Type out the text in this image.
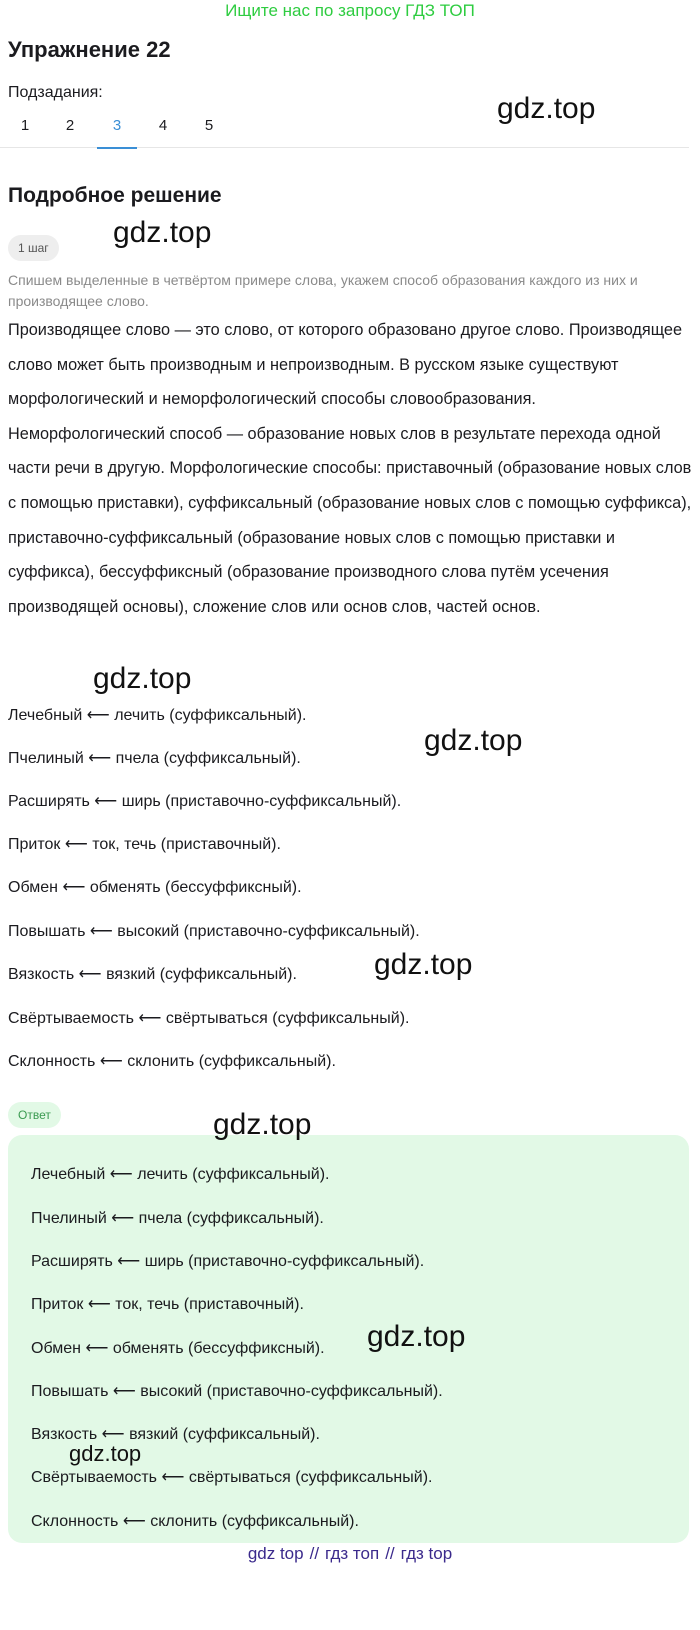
Ищите нас по запросу ГДЗ ТОП
Упражнение 22
Подзадания:
1	2	3	4	5
Подробное решение
1 шаг

Спишем выделенные в четвёртом примере слова, укажем способ образования каждого из них и производящее слово.

Производящее слово — это слово, от которого образовано другое слово. Производящее слово может быть производным и непроизводным. В русском языке существуют морфологический и неморфологический способы словообразования. Неморфологический способ — образование новых слов в результате перехода одной части речи в другую. Морфологические способы: приставочный (образование новых слов с помощью приставки), суффиксальный (образование новых слов с помощью суффикса), приставочно-суффиксальный (образование новых слов с помощью приставки и суффикса), бессуффиксный (образование производного слова путём усечения производящей основы), сложение слов или основ слов, частей основ.

Лечебный ⟵ лечить (суффиксальный).
Пчелиный ⟵ пчела (суффиксальный).
Расширять ⟵ ширь (приставочно-суффиксальный).
Приток ⟵ ток, течь (приставочный).
Обмен ⟵ обменять (бессуффиксный).
Повышать ⟵ высокий (приставочно-суффиксальный).
Вязкость ⟵ вязкий (суффиксальный).
Свёртываемость ⟵ свёртываться (суффиксальный).
Склонность ⟵ склонить (суффиксальный).
Ответ
Лечебный ⟵ лечить (суффиксальный).
Пчелиный ⟵ пчела (суффиксальный).
Расширять ⟵ ширь (приставочно-суффиксальный).
Приток ⟵ ток, течь (приставочный).
Обмен ⟵ обменять (бессуффиксный).
Повышать ⟵ высокий (приставочно-суффиксальный).
Вязкость ⟵ вязкий (суффиксальный).
Свёртываемость ⟵ свёртываться (суффиксальный).
Склонность ⟵ склонить (суффиксальный).
gdz.top
gdz.top
gdz.top
gdz.top
gdz.top
gdz.top
gdz.top
gdz.top
gdz top // гдз топ // гдз top
